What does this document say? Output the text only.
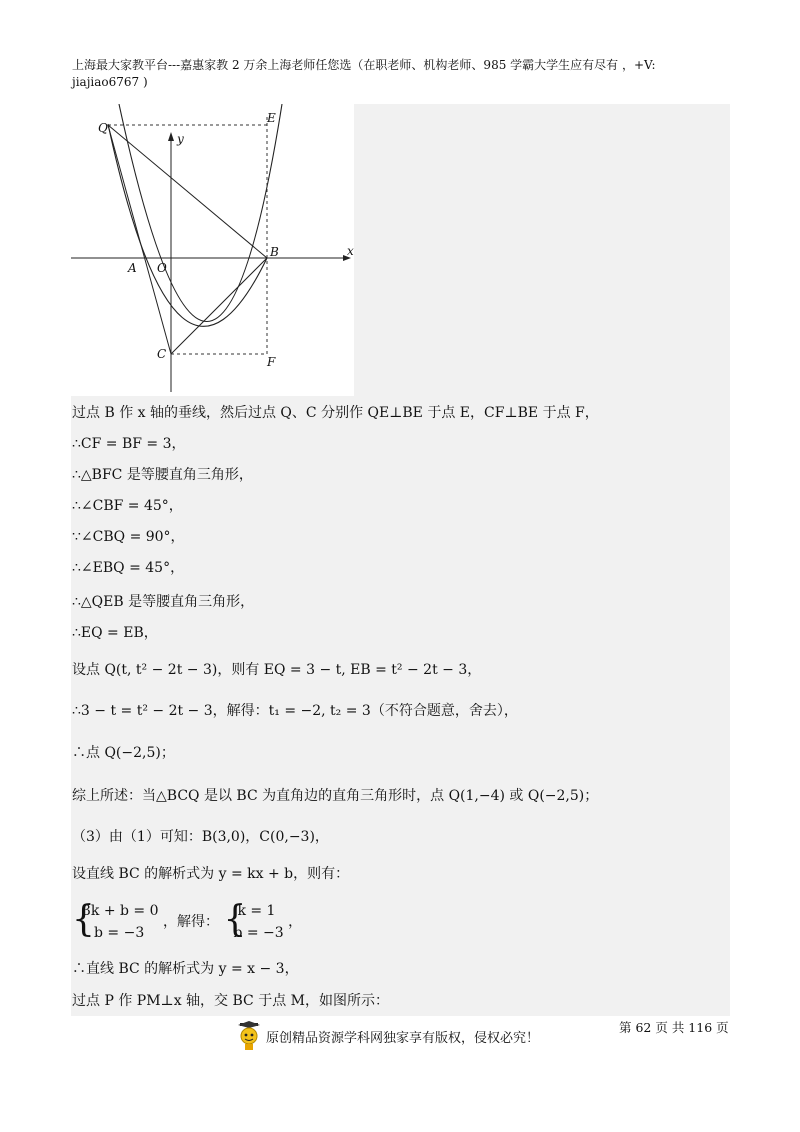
上海最大家教平台---嘉惠家教 2 万余上海老师任您选（在职老师、机构老师、985 学霸大学生应有尽有 ，+V:
jiajiao6767 )
Q
E
y
x
B
A O
C
F
过点 B 作 x 轴的垂线，然后过点 Q、C 分别作 QE⊥BE 于点 E，CF⊥BE 于点 F，
∴CF = BF = 3，
∴△BFC 是等腰直角三角形，
∴∠CBF = 45°，
∵∠CBQ = 90°，
∴∠EBQ = 45°，
∴△QEB 是等腰直角三角形，
∴EQ = EB，
设点 Q(t, t² − 2t − 3)，则有 EQ = 3 − t, EB = t² − 2t − 3，
∴3 − t = t² − 2t − 3，解得：t₁ = −2, t₂ = 3（不符合题意，舍去），
∴点 Q(−2,5)；
综上所述：当△BCQ 是以 BC 为直角边的直角三角形时，点 Q(1,−4) 或 Q(−2,5)；
（3）由（1）可知：B(3,0)，C(0,−3)，
设直线 BC 的解析式为 y = kx + b，则有：
{
3k + b = 0
b = −3
，解得： {
k = 1
b = −3
，
∴直线 BC 的解析式为 y = x − 3，
过点 P 作 PM⊥x 轴，交 BC 于点 M，如图所示：
第 62 页 共 116 页
原创精品资源学科网独家享有版权，侵权必究！
